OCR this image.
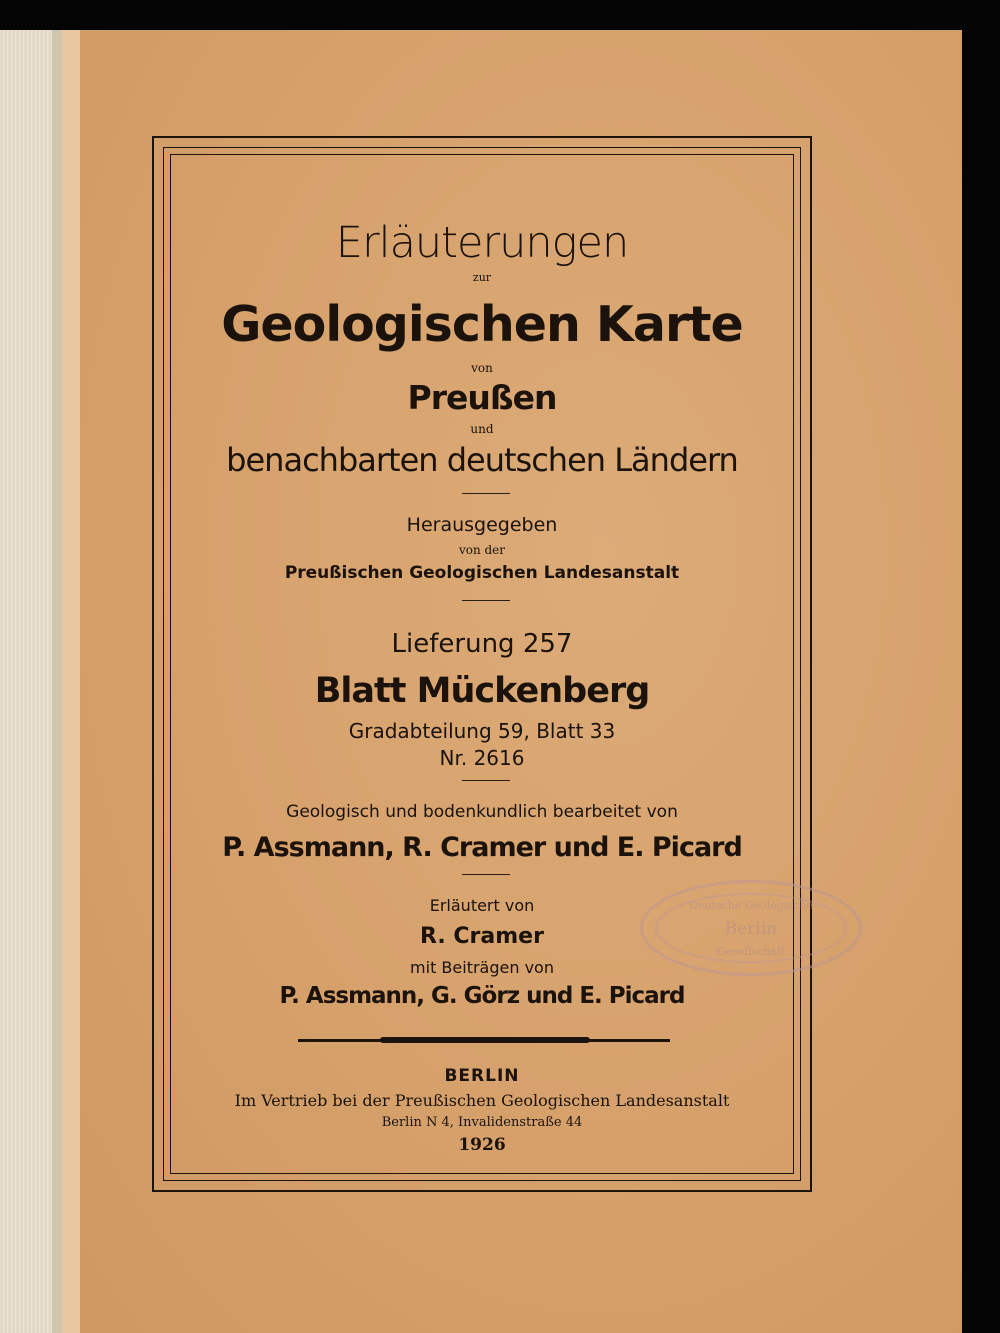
Erläuterungen
zur
Geologischen Karte
von
Preußen
und
benachbarten deutschen Ländern
Herausgegeben
von der
Preußischen Geologischen Landesanstalt
Lieferung 257
Blatt Mückenberg
Gradabteilung 59, Blatt 33
Nr. 2616
Geologisch und bodenkundlich bearbeitet von
P. Assmann, R. Cramer und E. Picard
Erläutert von
R. Cramer
mit Beiträgen von
P. Assmann, G. Görz und E. Picard
BERLIN
Im Vertrieb bei der Preußischen Geologischen Landesanstalt
Berlin N 4, Invalidenstraße 44
1926
Deutsche Geologische
Berlin
Gesellschaft
